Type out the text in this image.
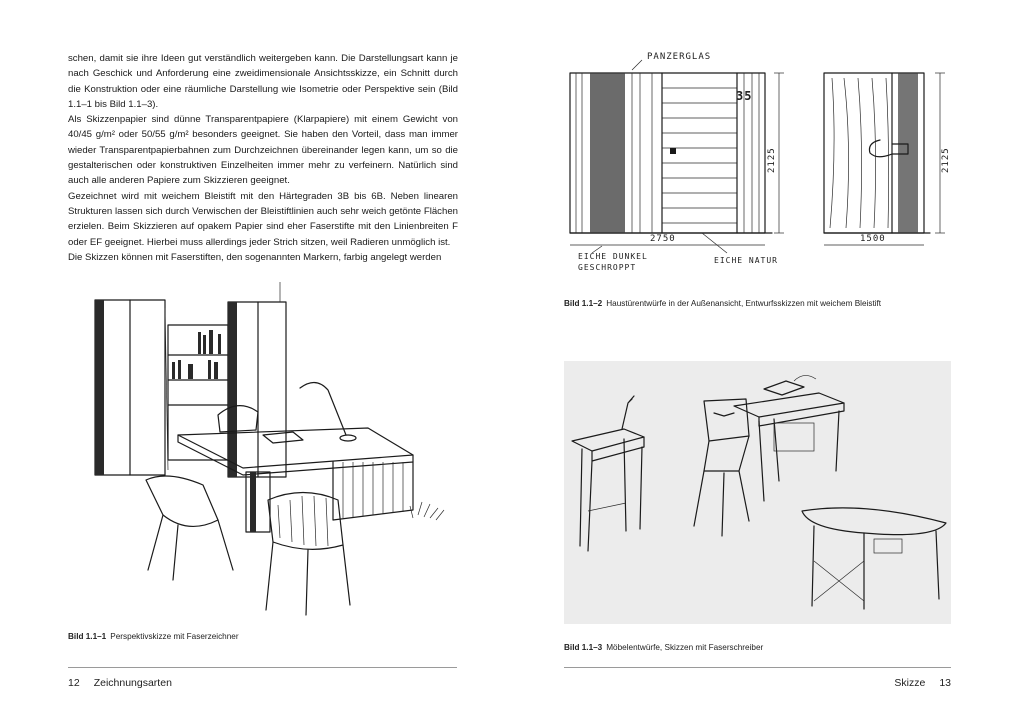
schen, damit sie ihre Ideen gut verständlich weitergeben kann. Die Darstellungsart kann je nach Geschick und Anforderung eine zweidimensionale Ansichtsskizze, ein Schnitt durch die Konstruktion oder eine räumliche Darstellung wie Isometrie oder Perspektive sein (Bild 1.1–1 bis Bild 1.1–3).

Als Skizzenpapier sind dünne Transparentpapiere (Klarpapiere) mit einem Gewicht von 40/45 g/m² oder 50/55 g/m² besonders geeignet. Sie haben den Vorteil, dass man immer wieder Transparentpapierbahnen zum Durchzeichnen übereinander legen kann, um so die gestalterischen oder konstruktiven Einzelheiten immer mehr zu verfeinern. Natürlich sind auch alle anderen Papiere zum Skizzieren geeignet.

Gezeichnet wird mit weichem Bleistift mit den Härtegraden 3B bis 6B. Neben linearen Strukturen lassen sich durch Verwischen der Bleistiftlinien auch sehr weich getönte Flächen erzielen. Beim Skizzieren auf opakem Papier sind eher Faserstifte mit den Linienbreiten F oder EF geeignet. Hierbei muss allerdings jeder Strich sitzen, weil Radieren unmöglich ist.

Die Skizzen können mit Faserstiften, den sogenannten Markern, farbig angelegt werden

Bild 1.1–1 Perspektivskizze mit Faserzeichner
12 Zeichnungsarten
PANZERGLAS
35
2125
2750
EICHE DUNKEL
GESCHROPPT
EICHE NATUR
2125
1500
Bild 1.1–2 Haustürentwürfe in der Außenansicht, Entwurfsskizzen mit weichem Bleistift
Bild 1.1–3 Möbelentwürfe, Skizzen mit Faserschreiber
Skizze 13
